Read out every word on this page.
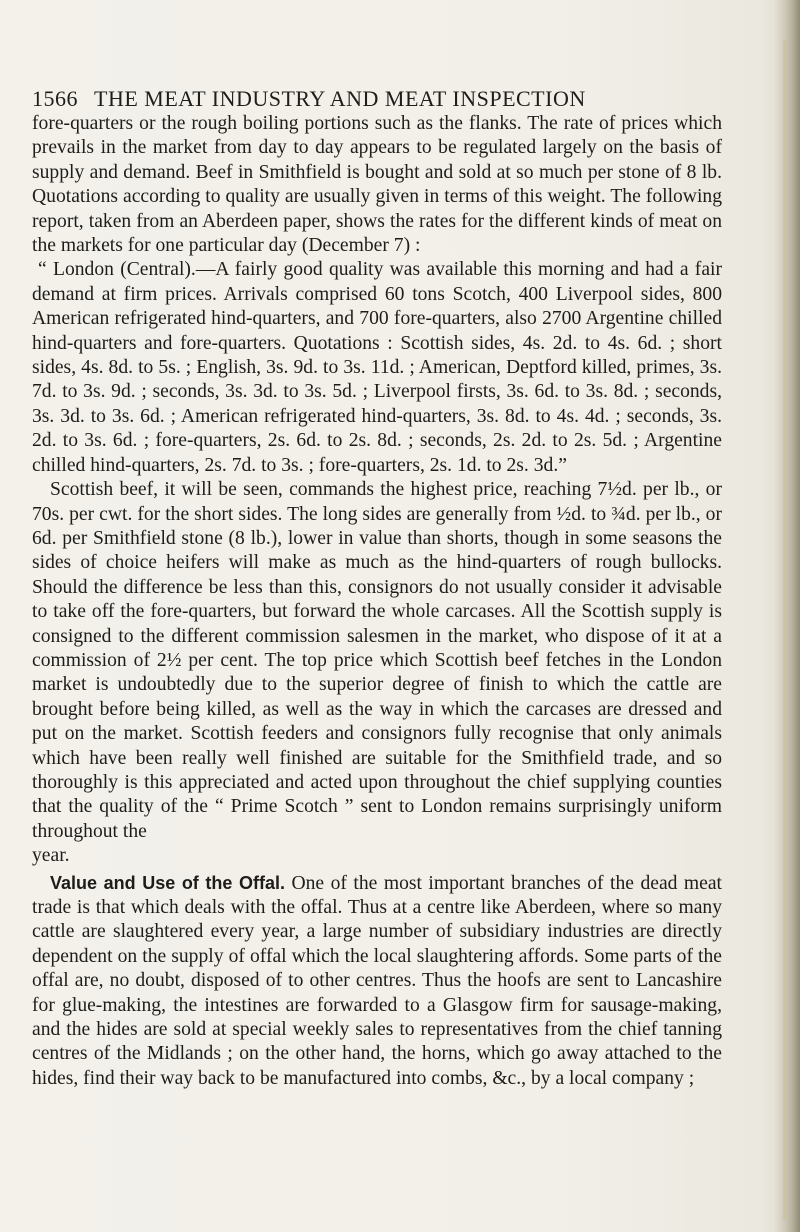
1566 THE MEAT INDUSTRY AND MEAT INSPECTION

fore-quarters or the rough boiling portions such as the flanks. The rate of prices which prevails in the market from day to day appears to be regulated largely on the basis of supply and demand. Beef in Smithfield is bought and sold at so much per stone of 8 lb. Quotations according to quality are usually given in terms of this weight. The following report, taken from an Aberdeen paper, shows the rates for the different kinds of meat on the markets for one particular day (December 7) :

“ London (Central).—A fairly good quality was available this morning and had a fair demand at firm prices. Arrivals comprised 60 tons Scotch, 400 Liverpool sides, 800 American refrigerated hind-quarters, and 700 fore-quarters, also 2700 Argentine chilled hind-quarters and fore-quarters. Quotations : Scottish sides, 4s. 2d. to 4s. 6d. ; short sides, 4s. 8d. to 5s. ; English, 3s. 9d. to 3s. 11d. ; American, Deptford killed, primes, 3s. 7d. to 3s. 9d. ; seconds, 3s. 3d. to 3s. 5d. ; Liverpool firsts, 3s. 6d. to 3s. 8d. ; seconds, 3s. 3d. to 3s. 6d. ; American refrigerated hind-quarters, 3s. 8d. to 4s. 4d. ; seconds, 3s. 2d. to 3s. 6d. ; fore-quarters, 2s. 6d. to 2s. 8d. ; seconds, 2s. 2d. to 2s. 5d. ; Argentine chilled hind-quarters, 2s. 7d. to 3s. ; fore-quarters, 2s. 1d. to 2s. 3d.”

Scottish beef, it will be seen, commands the highest price, reaching 7½d. per lb., or 70s. per cwt. for the short sides. The long sides are generally from ½d. to ¾d. per lb., or 6d. per Smithfield stone (8 lb.), lower in value than shorts, though in some seasons the sides of choice heifers will make as much as the hind-quarters of rough bullocks. Should the difference be less than this, consignors do not usually consider it advisable to take off the fore-quarters, but forward the whole carcases. All the Scottish supply is consigned to the different commission salesmen in the market, who dispose of it at a commission of 2½ per cent. The top price which Scottish beef fetches in the London market is undoubtedly due to the superior degree of finish to which the cattle are brought before being killed, as well as the way in which the carcases are dressed and put on the market. Scottish feeders and consignors fully recognise that only animals which have been really well finished are suitable for the Smithfield trade, and so thoroughly is this appreciated and acted upon throughout the chief supplying counties that the quality of the “ Prime Scotch ” sent to London remains surprisingly uniform throughout the

year.

Value and Use of the Offal. One of the most important branches of the dead meat trade is that which deals with the offal. Thus at a centre like Aberdeen, where so many cattle are slaughtered every year, a large number of subsidiary industries are directly dependent on the supply of offal which the local slaughtering affords. Some parts of the offal are, no doubt, disposed of to other centres. Thus the hoofs are sent to Lancashire for glue-making, the intestines are forwarded to a Glasgow firm for sausage-making, and the hides are sold at special weekly sales to representatives from the chief tanning centres of the Midlands ; on the other hand, the horns, which go away attached to the hides, find their way back to be manufactured into combs, &c., by a local company ;
